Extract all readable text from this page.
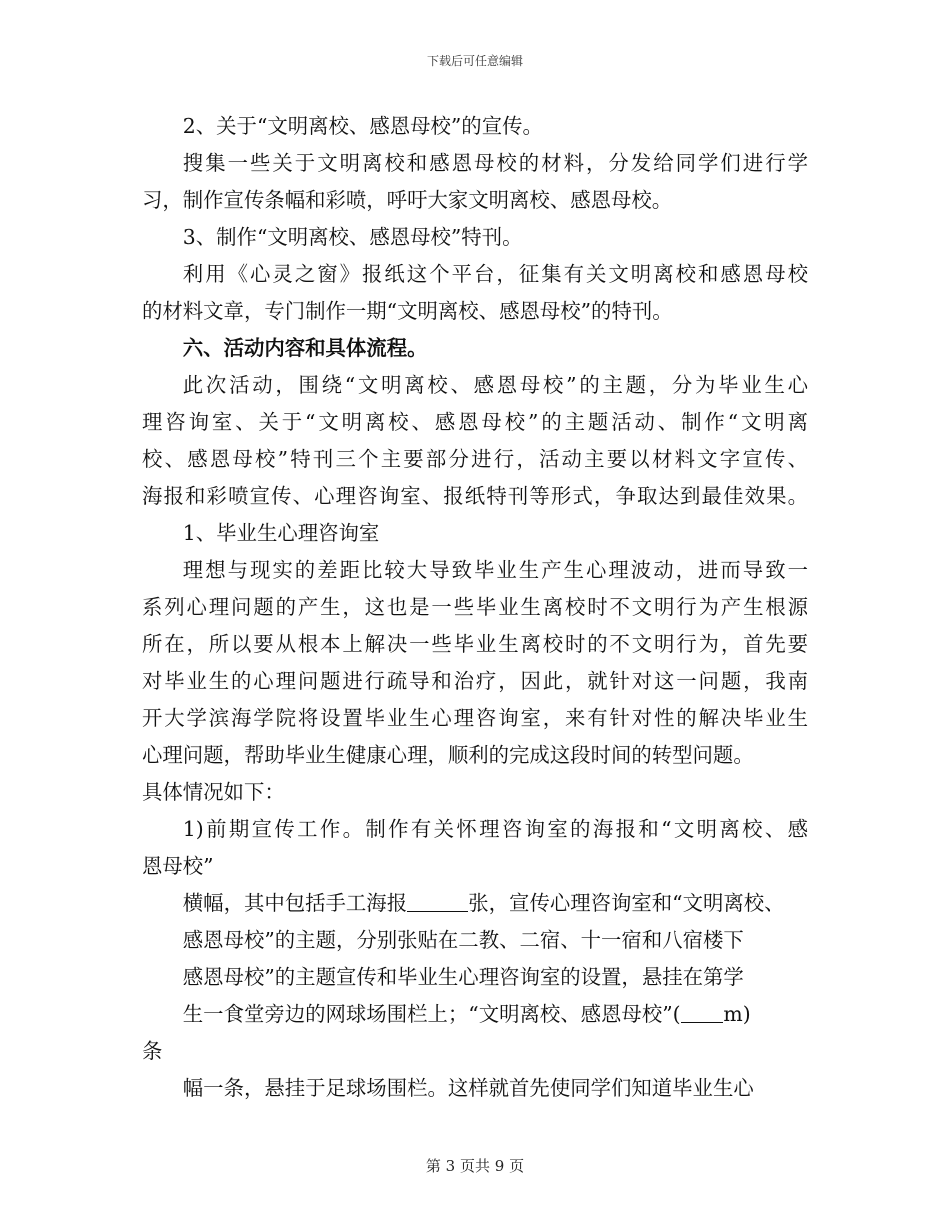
下载后可任意编辑

2、关于“文明离校、感恩母校”的宣传。

搜集一些关于文明离校和感恩母校的材料，分发给同学们进行学

习，制作宣传条幅和彩喷，呼吁大家文明离校、感恩母校。

3、制作“文明离校、感恩母校”特刊。

利用《心灵之窗》报纸这个平台，征集有关文明离校和感恩母校

的材料文章，专门制作一期“文明离校、感恩母校”的特刊。

六、活动内容和具体流程。

此次活动，围绕“文明离校、感恩母校”的主题，分为毕业生心

理咨询室、关于“文明离校、感恩母校”的主题活动、制作“文明离

校、感恩母校”特刊三个主要部分进行，活动主要以材料文字宣传、

海报和彩喷宣传、心理咨询室、报纸特刊等形式，争取达到最佳效果。

1、毕业生心理咨询室

理想与现实的差距比较大导致毕业生产生心理波动，进而导致一

系列心理问题的产生，这也是一些毕业生离校时不文明行为产生根源

所在，所以要从根本上解决一些毕业生离校时的不文明行为，首先要

对毕业生的心理问题进行疏导和治疗，因此，就针对这一问题，我南

开大学滨海学院将设置毕业生心理咨询室，来有针对性的解决毕业生

心理问题，帮助毕业生健康心理，顺利的完成这段时间的转型问题。

具体情况如下：

1)前期宣传工作。制作有关怀理咨询室的海报和“文明离校、感

恩母校”

横幅，其中包括手工海报	张，宣传心理咨询室和“文明离校、

感恩母校”的主题，分别张贴在二教、二宿、十一宿和八宿楼下

感恩母校”的主题宣传和毕业生心理咨询室的设置，悬挂在第学

生一食堂旁边的网球场围栏上；“文明离校、感恩母校”( m)

条

幅一条，悬挂于足球场围栏。这样就首先使同学们知道毕业生心

第 3 页共 9 页
